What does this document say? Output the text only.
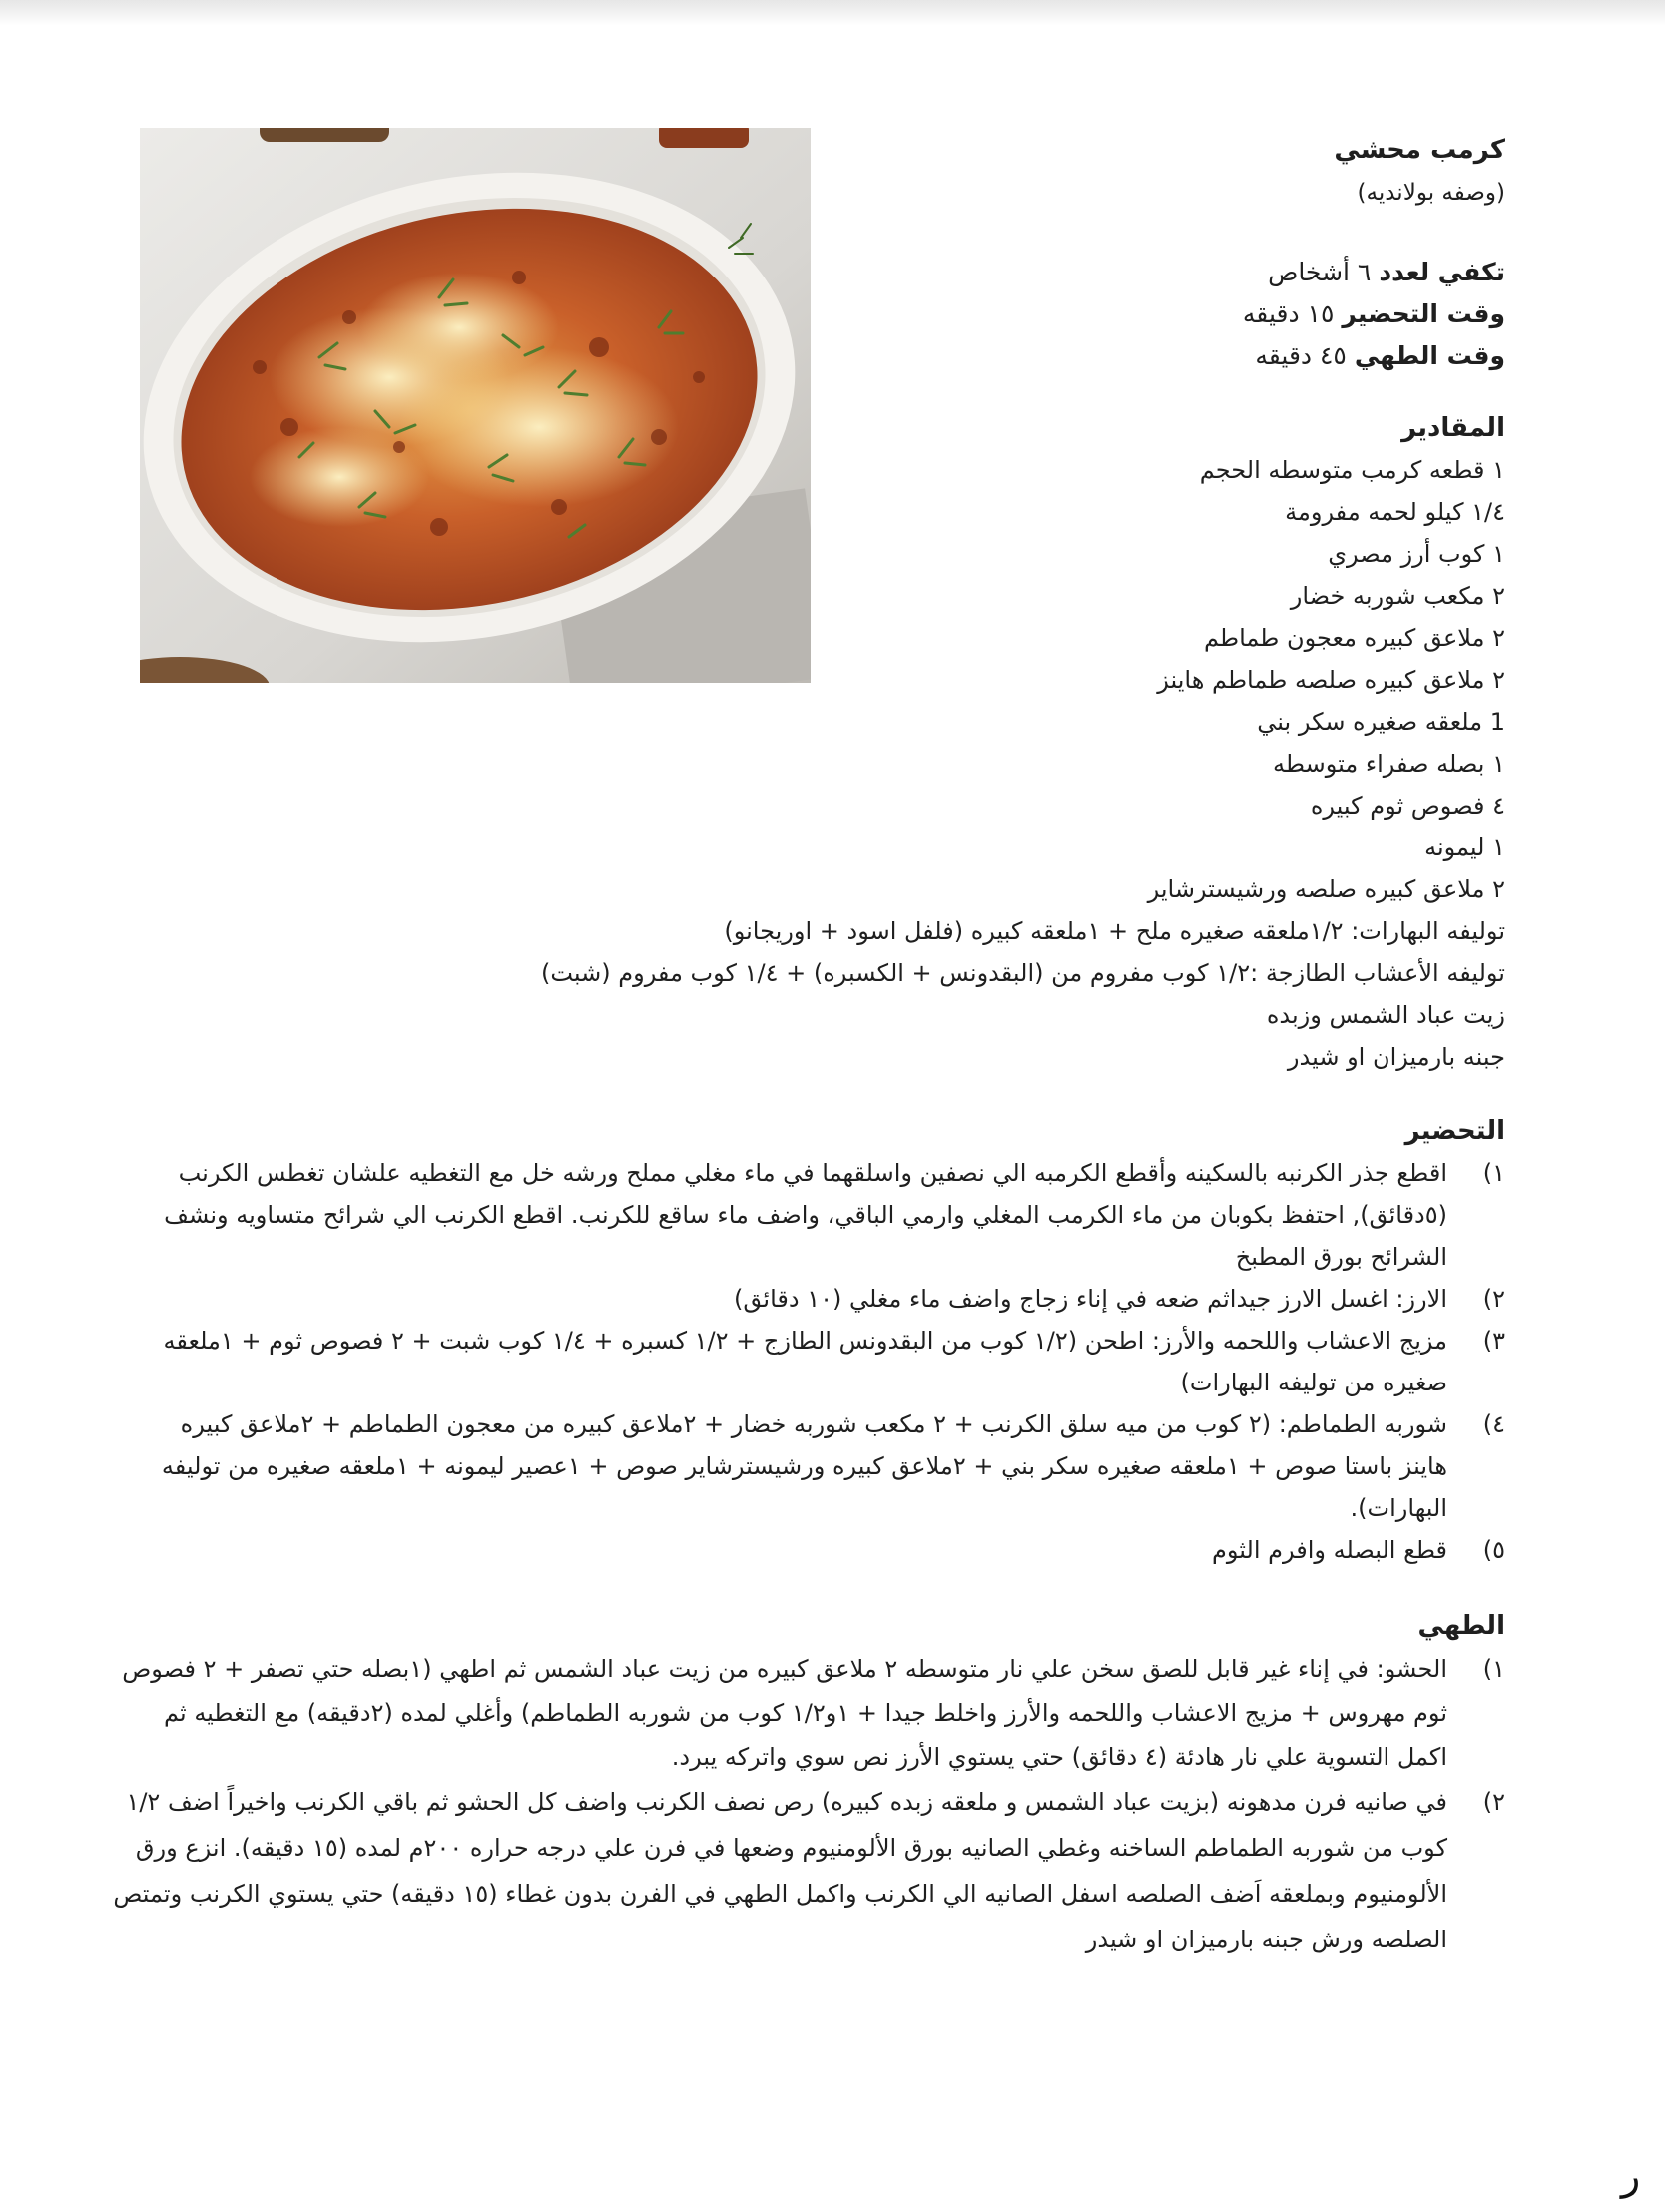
كرمب محشي
(وصفه بولانديه)
تكفي لعدد ٦ أشخاص
وقت التحضير ١٥ دقيقه
وقت الطهي ٤٥ دقيقه
المقادير
١ قطعه كرمب متوسطه الحجم
١/٤ كيلو لحمه مفرومة
١ كوب أرز مصري
٢ مكعب شوربه خضار
٢ ملاعق كبيره معجون طماطم
٢ ملاعق كبيره صلصه طماطم هاينز
1 ملعقه صغيره سكر بني
١ بصله صفراء متوسطه
٤ فصوص ثوم كبيره
١ ليمونه
٢ ملاعق كبيره صلصه ورشيسترشاير
توليفه البهارات: ١/٢ملعقه صغيره ملح + ١ملعقه كبيره (فلفل اسود + اوريجانو)
توليفه الأعشاب الطازجة :١/٢ كوب مفروم من (البقدونس + الكسبره) + ١/٤ كوب مفروم (شبت)
زيت عباد الشمس وزبده
جبنه بارميزان او شيدر
التحضير
١)
اقطع جذر الكرنبه بالسكينه وأقطع الكرمبه الي نصفين واسلقهما في ماء مغلي مملح ورشه خل مع التغطيه علشان تغطس الكرنب (٥دقائق), احتفظ بكوبان من ماء الكرمب المغلي وارمي الباقي، واضف ماء ساقع للكرنب. اقطع الكرنب الي شرائح متساويه ونشف الشرائح بورق المطبخ
٢)
الارز: اغسل الارز جيداثم ضعه في إناء زجاج واضف ماء مغلي (١٠ دقائق)
٣)
مزيج الاعشاب واللحمه والأرز: اطحن (١/٢ كوب من البقدونس الطازج + ١/٢ كسبره + ١/٤ كوب شبت + ٢ فصوص ثوم + ١ملعقه صغيره من توليفه البهارات)
٤)
شوربه الطماطم: (٢ كوب من ميه سلق الكرنب + ٢ مكعب شوربه خضار + ٢ملاعق كبيره من معجون الطماطم + ٢ملاعق كبيره هاينز باستا صوص + ١ملعقه صغيره سكر بني + ٢ملاعق كبيره ورشيسترشاير صوص + ١عصير ليمونه + ١ملعقه صغيره من توليفه البهارات).
٥)
قطع البصله وافرم الثوم
الطهي
١)
الحشو: في إناء غير قابل للصق سخن علي نار متوسطه ٢ ملاعق كبيره من زيت عباد الشمس ثم اطهي (١بصله حتي تصفر + ٢ فصوص ثوم مهروس + مزيج الاعشاب واللحمه والأرز واخلط جيدا + ١و١/٢ كوب من شوربه الطماطم) وأغلي لمده (٢دقيقه) مع التغطيه ثم اكمل التسوية علي نار هادئة (٤ دقائق) حتي يستوي الأرز نص سوي واتركه يبرد.
٢)
في صانيه فرن مدهونه (بزيت عباد الشمس و ملعقه زبده كبيره) رص نصف الكرنب واضف كل الحشو ثم باقي الكرنب واخيراً اضف ١/٢ كوب من شوربه الطماطم الساخنه وغطي الصانيه بورق الألومنيوم وضعها في فرن علي درجه حراره ٢٠٠م لمده (١٥ دقيقه). انزع ورق الألومنيوم وبملعقه اَضف الصلصه اسفل الصانيه الي الكرنب واكمل الطهي في الفرن بدون غطاء (١٥ دقيقه) حتي يستوي الكرنب وتمتص الصلصه ورش جبنه بارميزان او شيدر
ر
